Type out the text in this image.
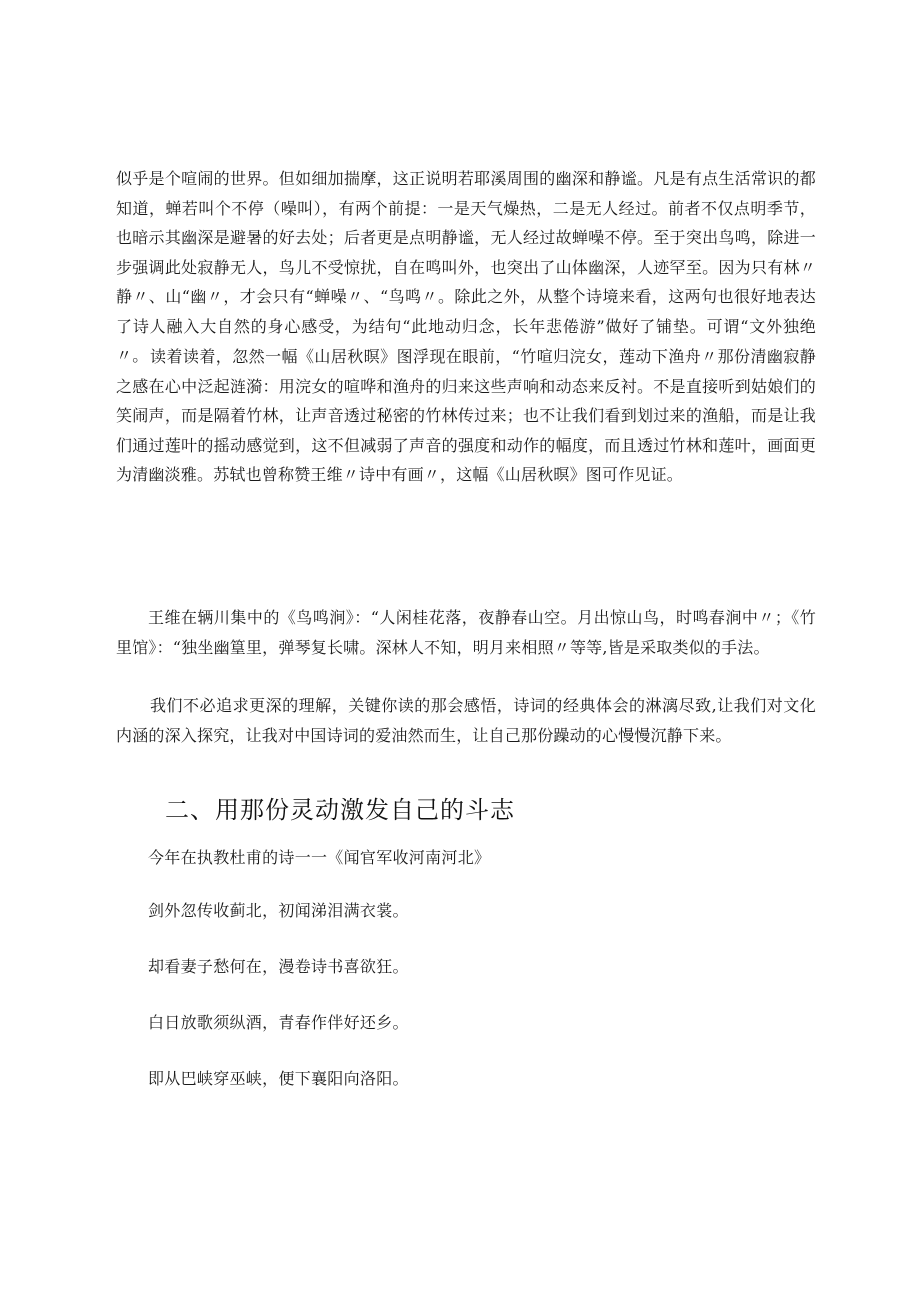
似乎是个喧闹的世界。但如细加揣摩，这正说明若耶溪周围的幽深和静谧。凡是有点生活常识的都知道，蝉若叫个不停（噪叫），有两个前提：一是天气燥热，二是无人经过。前者不仅点明季节，也暗示其幽深是避暑的好去处；后者更是点明静谧，无人经过故蝉噪不停。至于突出鸟鸣，除进一步强调此处寂静无人，鸟儿不受惊扰，自在鸣叫外，也突出了山体幽深，人迹罕至。因为只有林〃静〃、山“幽〃，才会只有“蝉噪〃、“鸟鸣〃。除此之外，从整个诗境来看，这两句也很好地表达了诗人融入大自然的身心感受，为结句“此地动归念，长年悲倦游”做好了铺垫。可谓“文外独绝〃。 读着读着，忽然一幅《山居秋暝》图浮现在眼前，“竹喧归浣女，莲动下渔舟〃那份清幽寂静之感在心中泛起涟漪：用浣女的喧哗和渔舟的归来这些声响和动态来反衬。不是直接听到姑娘们的笑闹声，而是隔着竹林，让声音透过秘密的竹林传过来；也不让我们看到划过来的渔船，而是让我们通过莲叶的摇动感觉到，这不但减弱了声音的强度和动作的幅度，而且透过竹林和莲叶，画面更为清幽淡雅。苏轼也曾称赞王维〃诗中有画〃，这幅《山居秋暝》图可作见证。

王维在辆川集中的《鸟鸣涧》：“人闲桂花落，夜静春山空。月出惊山鸟，时鸣春涧中〃；《竹里馆》：“独坐幽篁里，弹琴复长啸。深林人不知，明月来相照〃等等,皆是采取类似的手法。

我们不必追求更深的理解，关键你读的那会感悟，诗词的经典体会的淋漓尽致,让我们对文化内涵的深入探究，让我对中国诗词的爱油然而生，让自己那份躁动的心慢慢沉静下来。

二、用那份灵动激发自己的斗志

今年在执教杜甫的诗一一《闻官军收河南河北》

剑外忽传收蓟北，初闻涕泪满衣裳。

却看妻子愁何在，漫卷诗书喜欲狂。

白日放歌须纵酒，青春作伴好还乡。

即从巴峡穿巫峡，便下襄阳向洛阳。
